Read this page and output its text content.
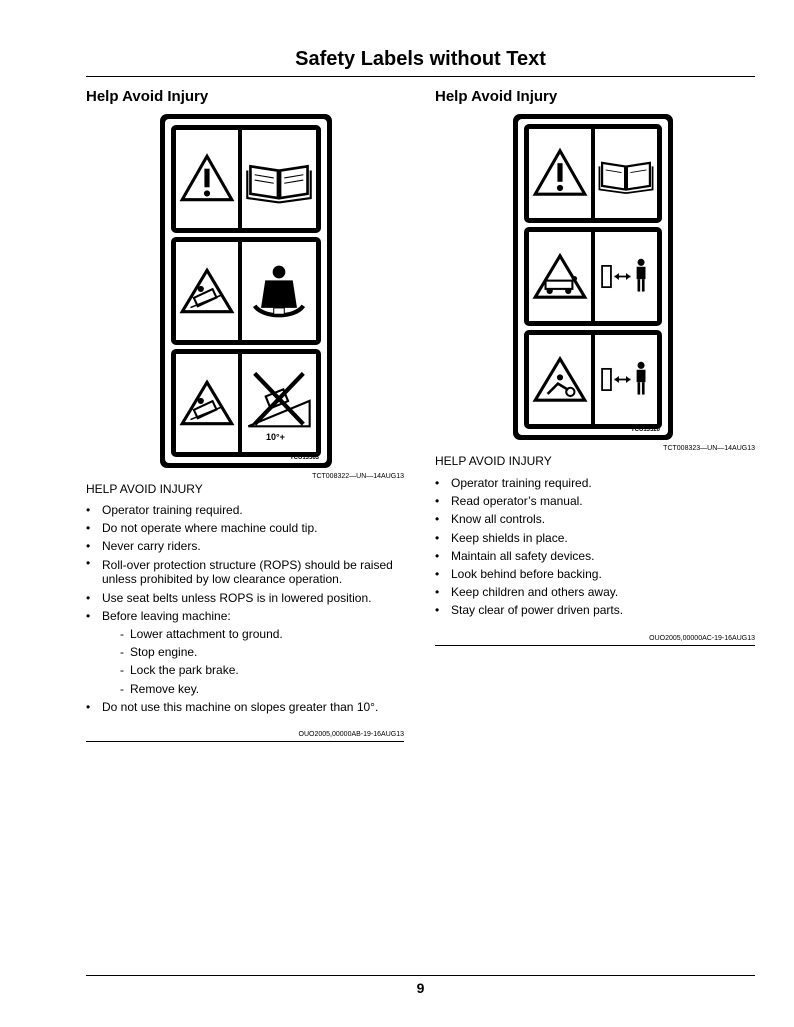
Safety Labels without Text
Help Avoid Injury
10°+
TCU13563
TCT008322—UN—14AUG13
HELP AVOID INJURY
• Operator training required.
• Do not operate where machine could tip.
• Never carry riders.
• Roll-over protection structure (ROPS) should be raised unless prohibited by low clearance operation.
• Use seat belts unless ROPS is in lowered position.
• Before leaving machine:
- Lower attachment to ground.
- Stop engine.
- Lock the park brake.
- Remove key.
• Do not use this machine on slopes greater than 10°.
OUO2005,00000AB-19-16AUG13
Help Avoid Injury
TCU13520
TCT008323—UN—14AUG13
HELP AVOID INJURY
• Operator training required.
• Read operator’s manual.
• Know all controls.
• Keep shields in place.
• Maintain all safety devices.
• Look behind before backing.
• Keep children and others away.
• Stay clear of power driven parts.
OUO2005,00000AC-19-16AUG13
9
